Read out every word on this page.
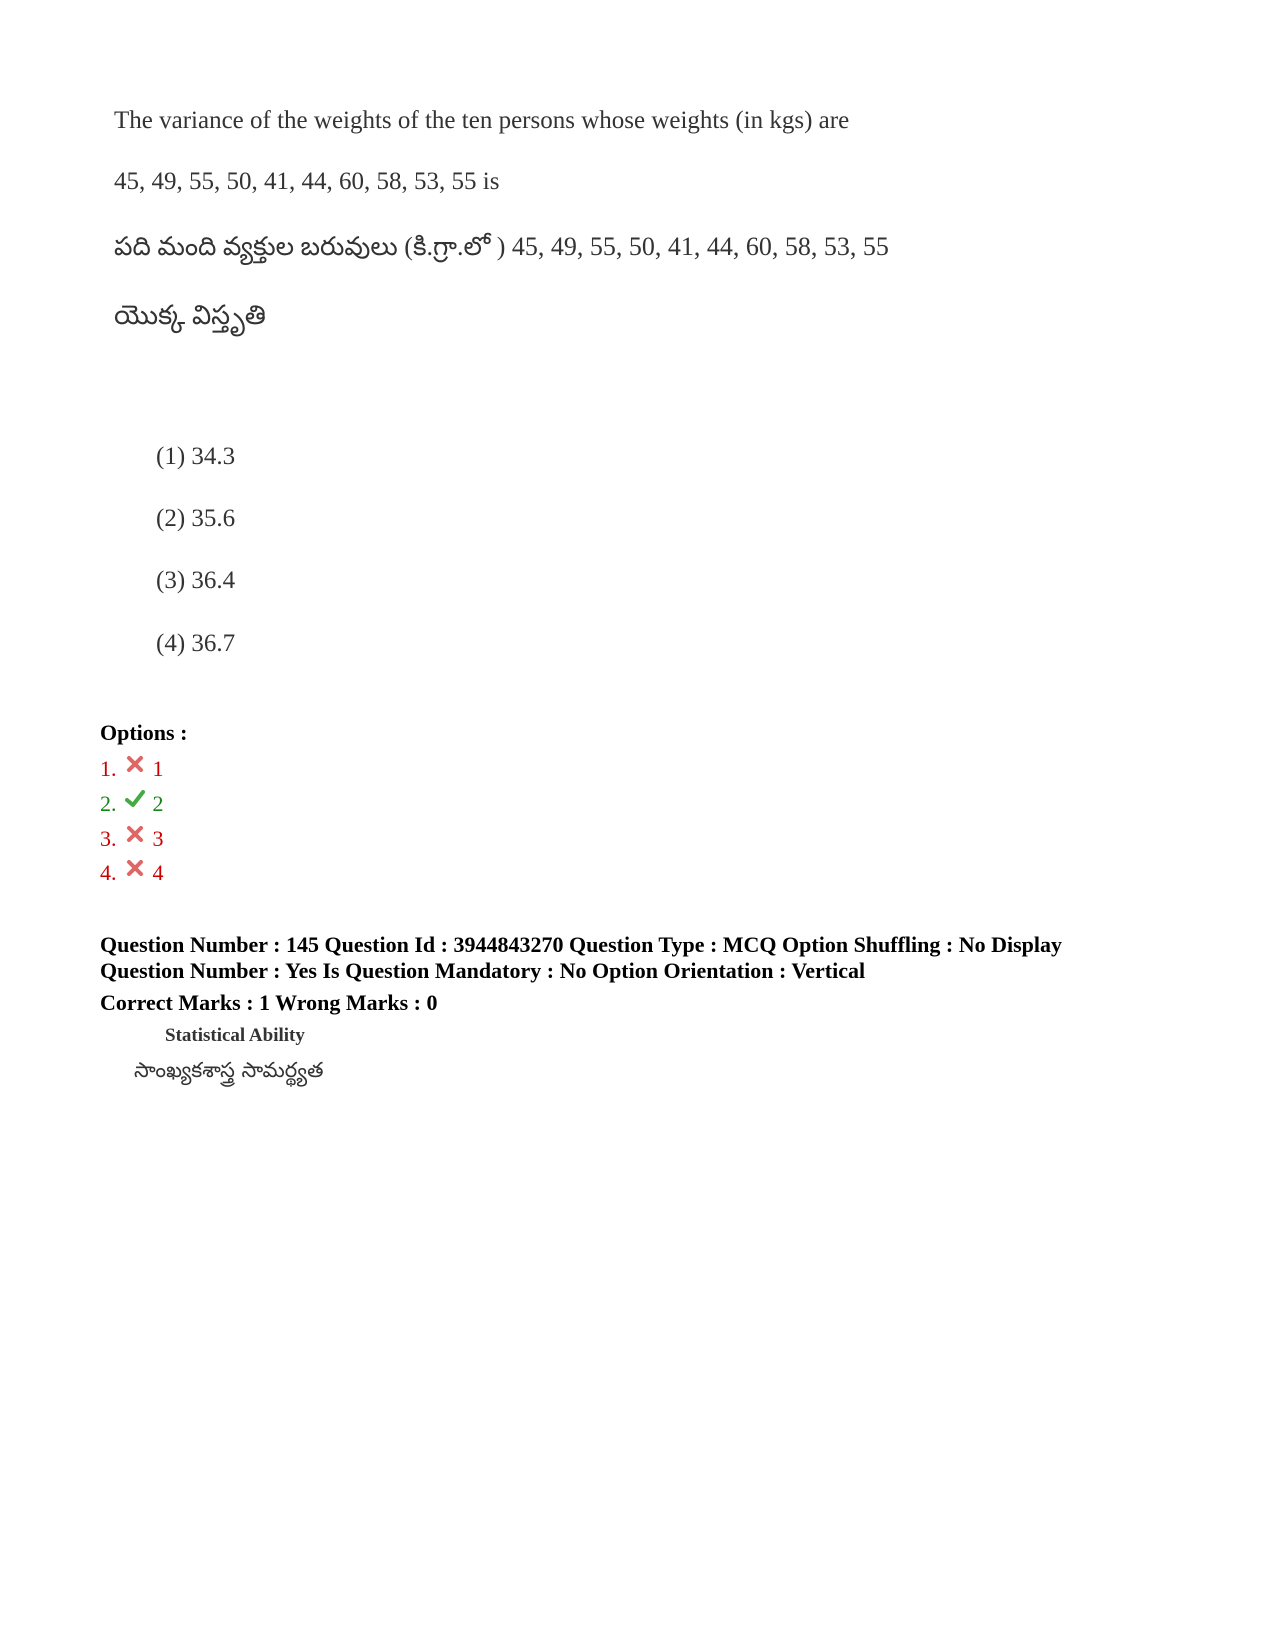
The variance of the weights of the ten persons whose weights (in kgs) are
45, 49, 55, 50, 41, 44, 60, 58, 53, 55 is
పది మంది వ్యక్తుల బరువులు (కి.గ్రా.లో ) 45, 49, 55, 50, 41, 44, 60, 58, 53, 55
యొక్క విస్తృతి
(1) 34.3
(2) 35.6
(3) 36.4
(4) 36.7
Options :
1. 1
2. 2
3. 3
4. 4
Question Number : 145 Question Id : 3944843270 Question Type : MCQ Option Shuffling : No Display
Question Number : Yes Is Question Mandatory : No Option Orientation : Vertical
Correct Marks : 1 Wrong Marks : 0
Statistical Ability
సాంఖ్యకశాస్త్ర సామర్థ్యత
